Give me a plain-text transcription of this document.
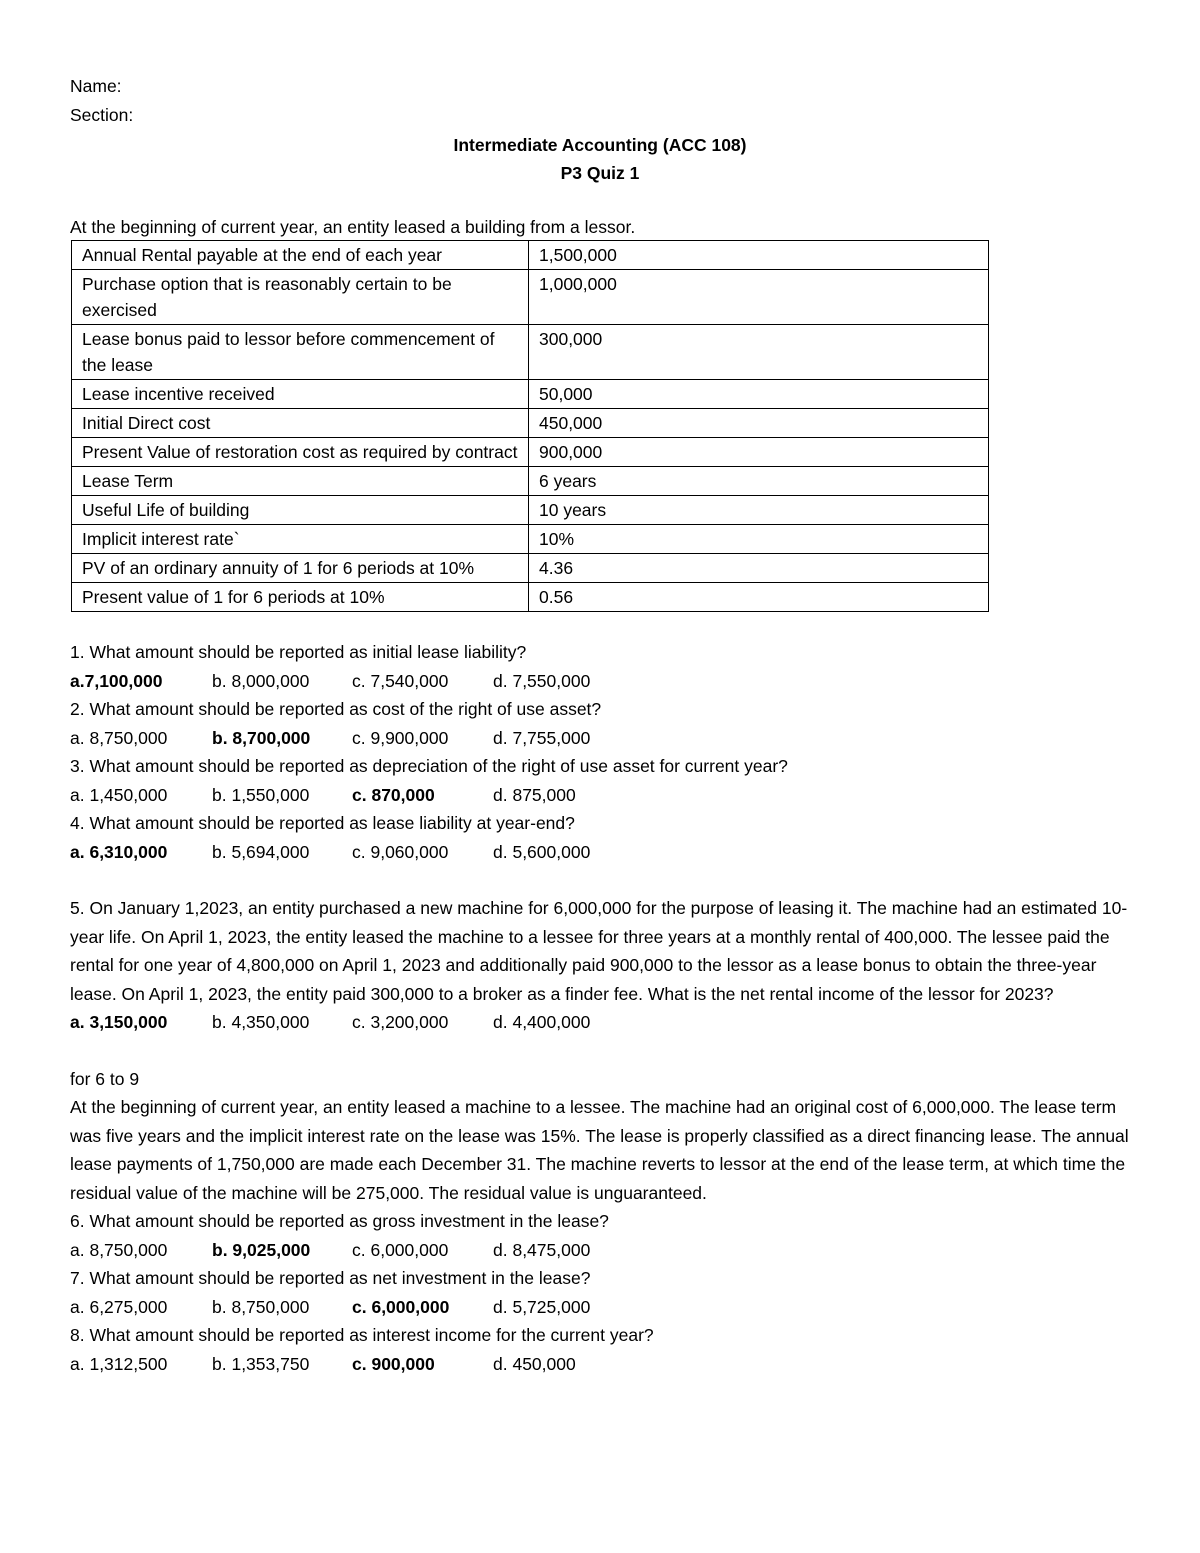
Name:
Section:
Intermediate Accounting (ACC 108)
P3 Quiz 1
At the beginning of current year, an entity leased a building from a lessor.
Annual Rental payable at the end of each year	1,500,000
Purchase option that is reasonably certain to be exercised	1,000,000
Lease bonus paid to lessor before commencement of the lease	300,000
Lease incentive received	50,000
Initial Direct cost	450,000
Present Value of restoration cost as required by contract	900,000
Lease Term	6 years
Useful Life of building	10 years
Implicit interest rate`	10%
PV of an ordinary annuity of 1 for 6 periods at 10%	4.36
Present value of 1 for 6 periods at 10%	0.56
1. What amount should be reported as initial lease liability?
a.7,100,000	b. 8,000,000	c. 7,540,000	d. 7,550,000
2. What amount should be reported as cost of the right of use asset?
a. 8,750,000	b. 8,700,000	c. 9,900,000	d. 7,755,000
3. What amount should be reported as depreciation of the right of use asset for current year?
a. 1,450,000	b. 1,550,000	c. 870,000	d. 875,000
4. What amount should be reported as lease liability at year-end?
a. 6,310,000	b. 5,694,000	c. 9,060,000	d. 5,600,000
5. On January 1,2023, an entity purchased a new machine for 6,000,000 for the purpose of leasing it. The machine had an estimated 10-year life. On April 1, 2023, the entity leased the machine to a lessee for three years at a monthly rental of 400,000. The lessee paid the rental for one year of 4,800,000 on April 1, 2023 and additionally paid 900,000 to the lessor as a lease bonus to obtain the three-year lease. On April 1, 2023, the entity paid 300,000 to a broker as a finder fee. What is the net rental income of the lessor for 2023?
a. 3,150,000	b. 4,350,000	c. 3,200,000	d. 4,400,000
for 6 to 9
At the beginning of current year, an entity leased a machine to a lessee. The machine had an original cost of 6,000,000. The lease term was five years and the implicit interest rate on the lease was 15%. The lease is properly classified as a direct financing lease. The annual lease payments of 1,750,000 are made each December 31. The machine reverts to lessor at the end of the lease term, at which time the residual value of the machine will be 275,000. The residual value is unguaranteed.
6. What amount should be reported as gross investment in the lease?
a. 8,750,000	b. 9,025,000	c. 6,000,000	d. 8,475,000
7. What amount should be reported as net investment in the lease?
a. 6,275,000	b. 8,750,000	c. 6,000,000	d. 5,725,000
8. What amount should be reported as interest income for the current year?
a. 1,312,500	b. 1,353,750	c. 900,000	d. 450,000
